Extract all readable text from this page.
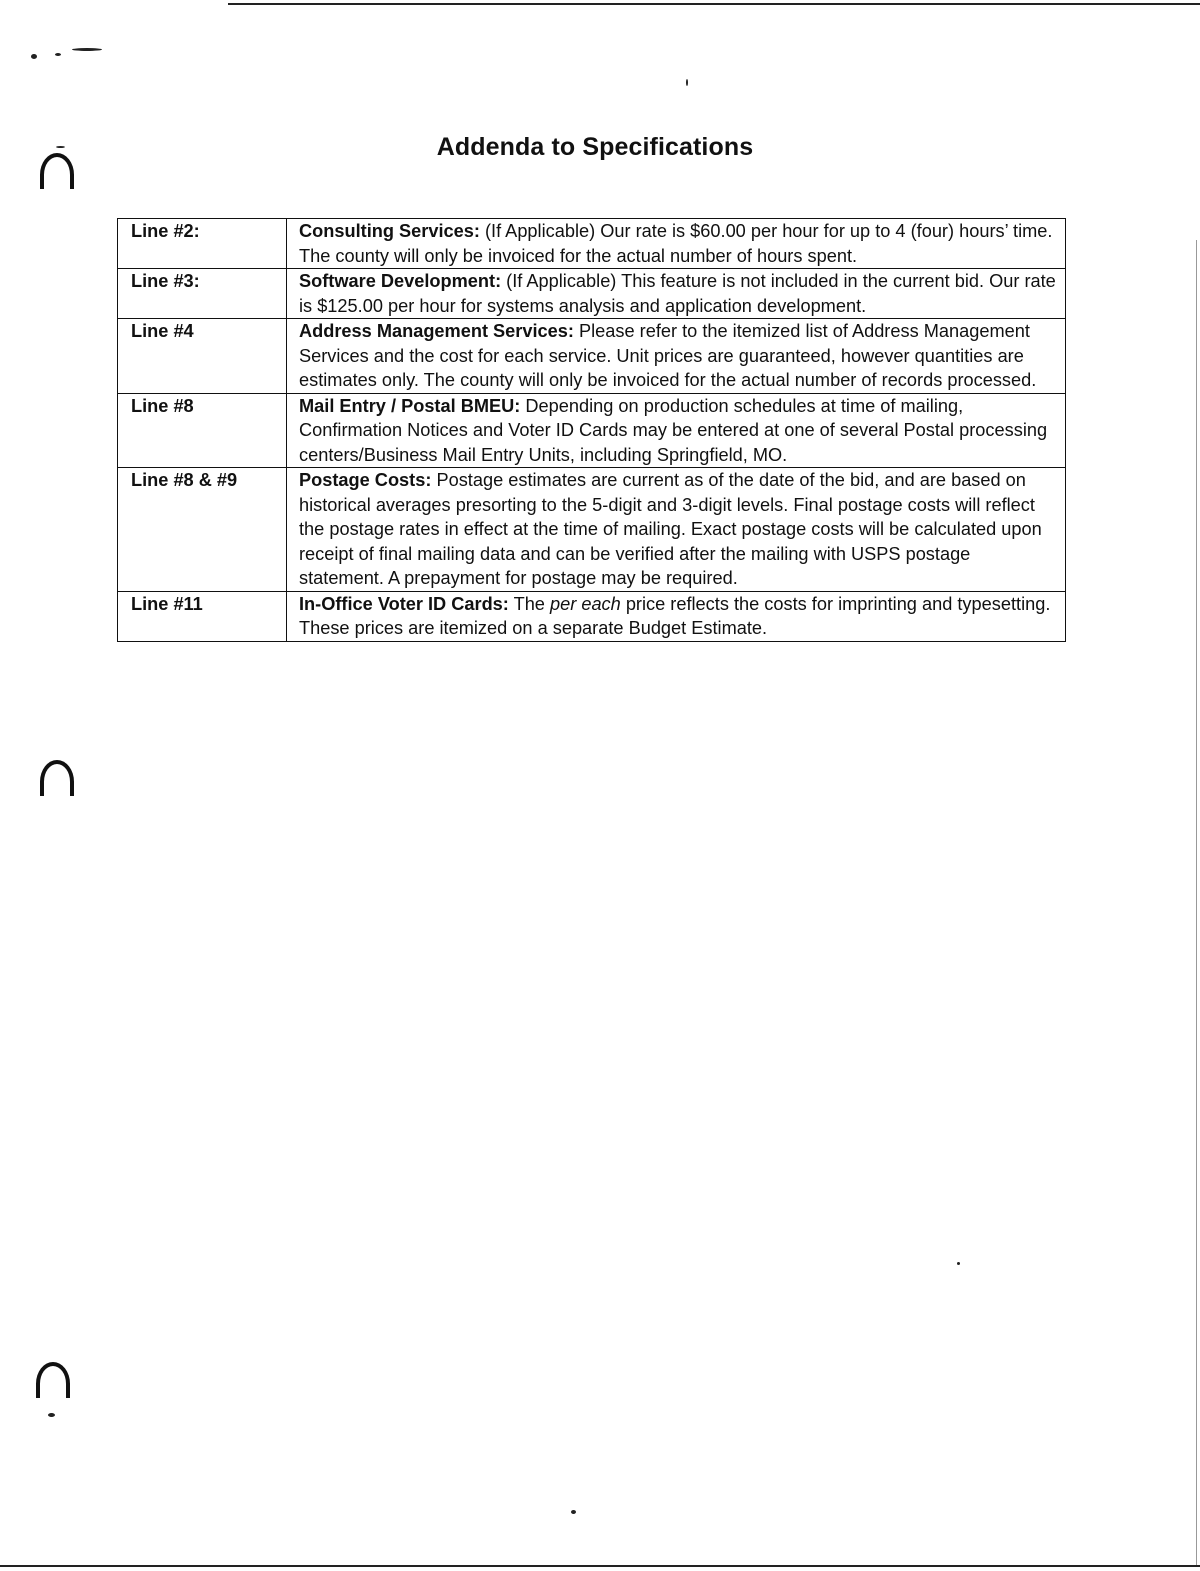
Addenda to Specifications
Line #2:	Consulting Services: (If Applicable) Our rate is $60.00 per hour for up to 4 (four) hours’ time. The county will only be invoiced for the actual number of hours spent.
Line #3:	Software Development: (If Applicable) This feature is not included in the current bid. Our rate is $125.00 per hour for systems analysis and application development.
Line #4	Address Management Services: Please refer to the itemized list of Address Management Services and the cost for each service. Unit prices are guaranteed, however quantities are estimates only. The county will only be invoiced for the actual number of records processed.
Line #8	Mail Entry / Postal BMEU: Depending on production schedules at time of mailing, Confirmation Notices and Voter ID Cards may be entered at one of several Postal processing centers/Business Mail Entry Units, including Springfield, MO.
Line #8 & #9	Postage Costs: Postage estimates are current as of the date of the bid, and are based on historical averages presorting to the 5-digit and 3-digit levels. Final postage costs will reflect the postage rates in effect at the time of mailing. Exact postage costs will be calculated upon receipt of final mailing data and can be verified after the mailing with USPS postage statement. A prepayment for postage may be required.
Line #11	In-Office Voter ID Cards: The per each price reflects the costs for imprinting and typesetting. These prices are itemized on a separate Budget Estimate.
